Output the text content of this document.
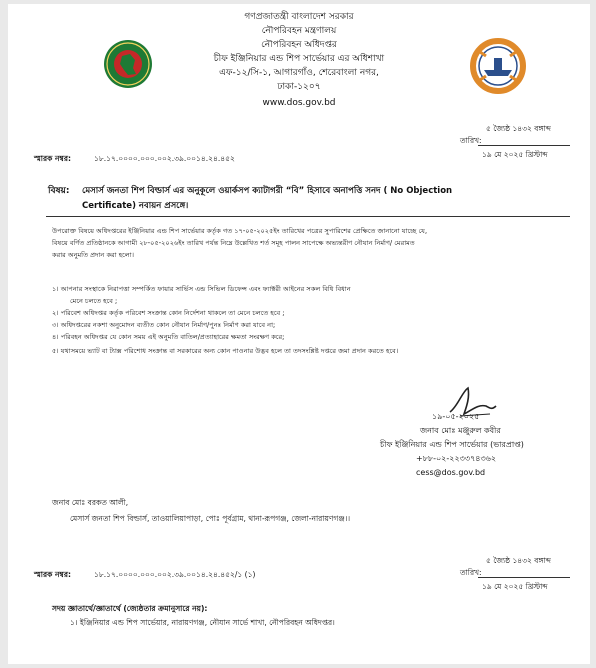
গণপ্রজাতন্ত্রী বাংলাদেশ সরকার
নৌপরিবহন মন্ত্রণালয়
নৌপরিবহন অধিদপ্তর
চীফ ইঞ্জিনিয়ার এন্ড শিপ সার্ভেয়ার এর অধিশাখা
এফ-১২/সি-১, আগারগাঁও, শেরেবাংলা নগর,
ঢাকা-১২০৭
www.dos.gov.bd
৫ জ্যৈষ্ঠ ১৪৩২ বঙ্গাব্দ
তারিখ:
১৯ মে ২০২৫ খ্রিস্টাব্দ
স্মারক নম্বর:	১৮.১৭.০০০০.০০০.০০২.৩৯.০০১৪.২৪.৪৫২
বিষয়: মেসার্স জনতা শিপ বিল্ডার্স এর অনুকূলে ওয়ার্কসপ ক্যাটাগরী “বি” হিসাবে অনাপত্তি সনদ ( No Objection
Certificate) নবায়ন প্রসঙ্গে।
উপরোক্ত বিষয়ে অধিদপ্তরের ইঞ্জিনিয়ার এন্ড শিপ সার্ভেয়ার কর্তৃক গত ১৭-০৫-২০২৫ইং তারিখের পত্রের সুপারিশের প্রেক্ষিতে জানানো যাচ্ছে যে,
বিষয়ে বর্ণিত প্রতিষ্ঠানকে আগামী ২৮-০৫-২০২৬ইং তারিখ পর্যন্ত নিম্নে উল্লেখিত শর্ত সমূহ পালন সাপেক্ষে অভ্যন্তরীণ নৌযান নির্মাণ/ মেরামত
করার অনুমতি প্রদান করা হলো।
১। আপনার সংস্থাকে নিরাপত্তা সম্পর্কিত ফায়ার সার্ভিস এন্ড সিভিল ডিফেন্স এবং ফ্যাক্টরী আইনের সকল বিধি বিধান
মেনে চলতে হবে ;
২। পরিবেশ অধিদপ্তর কর্তৃক পরিবেশ সংক্রান্ত কোন নির্দেশনা থাকলে তা মেনে চলতে হবে ;
৩। অধিদপ্তরের নকশা অনুমোদন ব্যতীত কোন নৌযান নির্মাণ/পুনঃ নির্মাণ করা যাবে না;
৪। পরিবহন অধিদপ্তর যে কোন সময় এই অনুমতি বাতিল/প্রত্যাহারের ক্ষমতা সংরক্ষণ করে;
৫। যথাসময়ে ভ্যাট বা ট্যাক্স পরিশোধ সংক্রান্ত বা সরকারের অন্য কোন পাওনার উদ্ভব হলে তা তদসংশ্লিষ্ট দপ্তরে জমা প্রদান করতে হবে।
১৯-০৫-২০২৫
জনাব মোঃ মঞ্জুরুল কবীর
চীফ ইঞ্জিনিয়ার এন্ড শিপ সার্ভেয়ার (ভারপ্রাপ্ত)
+৮৮-০২-২২৩৩৭৪৩৬২
cess@dos.gov.bd
জনাব মোঃ বরকত আলী,
মেসার্স জনতা শিপ বিল্ডার্স, তাওয়ালিয়াপাড়া, পোঃ পূর্বগ্রাম, থানা-রূপগঞ্জ, জেলা-নারায়ণগঞ্জ।।
৫ জ্যৈষ্ঠ ১৪৩২ বঙ্গাব্দ
তারিখ:
১৯ মে ২০২৫ খ্রিস্টাব্দ
স্মারক নম্বর:	১৮.১৭.০০০০.০০০.০০২.৩৯.০০১৪.২৪.৪৫২/১ (১)
সদয় জ্ঞাতার্থে/জ্ঞাতার্থে (জ্যেষ্ঠতার ক্রমানুসারে নয়):
১। ইঞ্জিনিয়ার এন্ড শিপ সার্ভেয়ার, নারায়ণগঞ্জ, নৌযান সার্ভে শাখা, নৌপরিবহন অধিদপ্তর।
